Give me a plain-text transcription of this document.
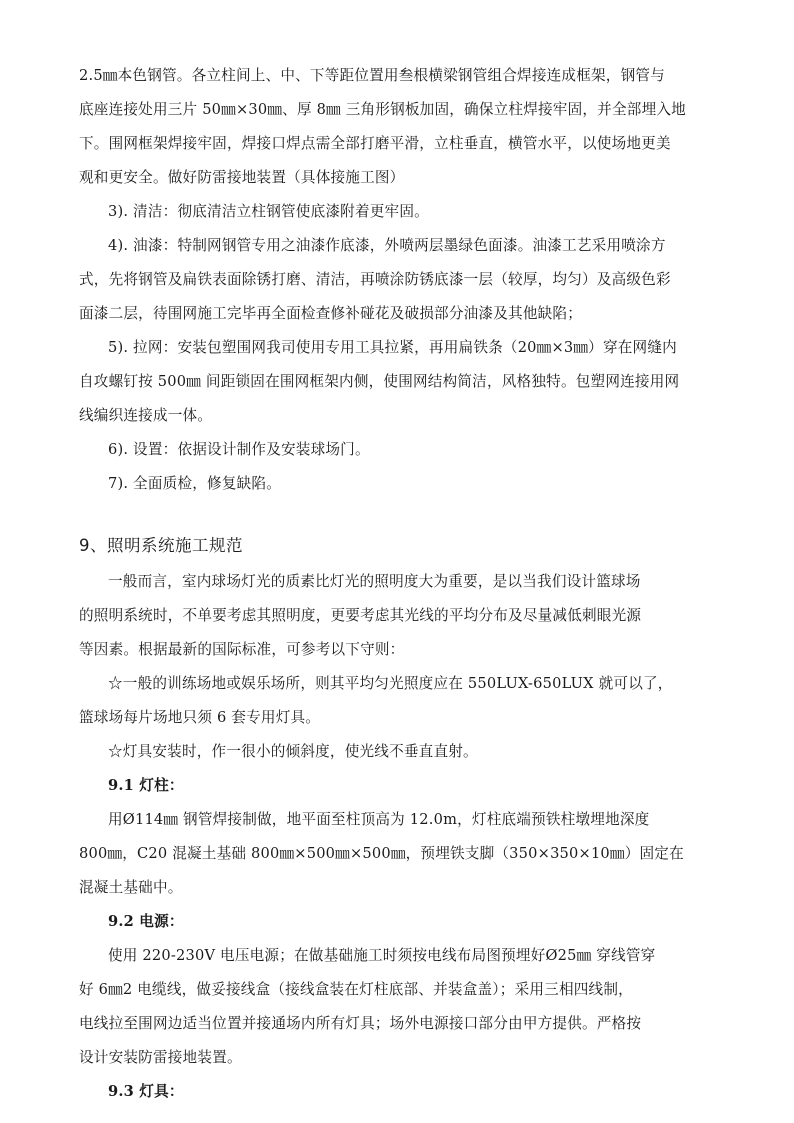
2.5㎜本色钢管。各立柱间上、中、下等距位置用叁根横梁钢管组合焊接连成框架，钢管与
底座连接处用三片 50㎜×30㎜、厚 8㎜ 三角形钢板加固，确保立柱焊接牢固，并全部埋入地
下。围网框架焊接牢固，焊接口焊点需全部打磨平滑，立柱垂直，横管水平，以使场地更美
观和更安全。做好防雷接地装置（具体接施工图）
3). 清洁：彻底清洁立柱钢管使底漆附着更牢固。
4). 油漆：特制网钢管专用之油漆作底漆，外喷两层墨绿色面漆。油漆工艺采用喷涂方
式，先将钢管及扁铁表面除锈打磨、清洁，再喷涂防锈底漆一层（较厚，均匀）及高级色彩
面漆二层，待围网施工完毕再全面检查修补碰花及破损部分油漆及其他缺陷；
5). 拉网：安装包塑围网我司使用专用工具拉紧，再用扁铁条（20㎜×3㎜）穿在网缝内
自攻螺钉按 500㎜ 间距锁固在围网框架内侧，使围网结构简洁，风格独特。包塑网连接用网
线编织连接成一体。
6). 设置：依据设计制作及安装球场门。
7). 全面质检，修复缺陷。
9、照明系统施工规范
一般而言，室内球场灯光的质素比灯光的照明度大为重要，是以当我们设计篮球场
的照明系统时，不单要考虑其照明度，更要考虑其光线的平均分布及尽量减低刺眼光源
等因素。根据最新的国际标准，可参考以下守则：
☆一般的训练场地或娱乐场所，则其平均匀光照度应在 550LUX-650LUX 就可以了，
篮球场每片场地只须 6 套专用灯具。
☆灯具安装时，作一很小的倾斜度，使光线不垂直直射。
9.1 灯柱：
用Ø114㎜ 钢管焊接制做，地平面至柱顶高为 12.0m，灯柱底端预铁柱墩埋地深度
800㎜，C20 混凝土基础 800㎜×500㎜×500㎜，预埋铁支脚（350×350×10㎜）固定在
混凝土基础中。
9.2 电源：
使用 220-230V 电压电源；在做基础施工时须按电线布局图预埋好Ø25㎜ 穿线管穿
好 6㎜2 电缆线，做妥接线盒（接线盒装在灯柱底部、并装盒盖）；采用三相四线制，
电线拉至围网边适当位置并接通场内所有灯具；场外电源接口部分由甲方提供。严格按
设计安装防雷接地装置。
9.3 灯具：
